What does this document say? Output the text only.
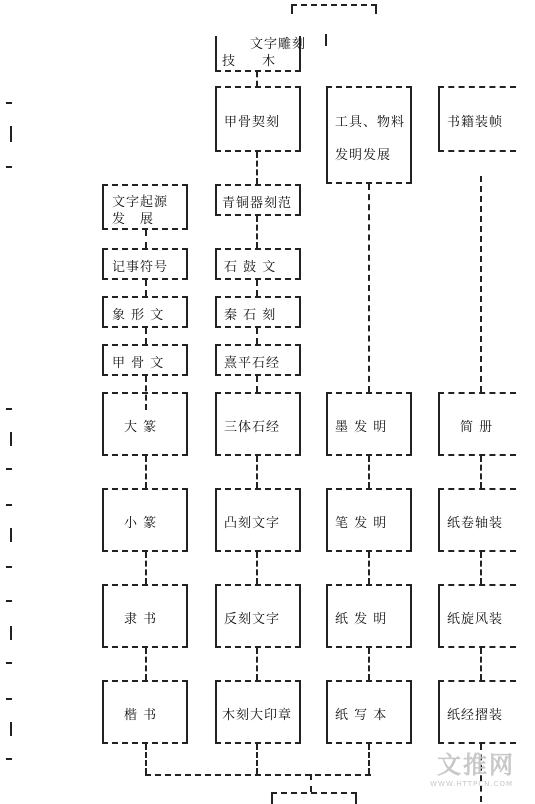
文字雕刻
技 木
文字起源
发　展
记事符号
象 形 文
甲 骨 文
大 篆
小 篆
隶 书
楷 书
甲骨契刻
青铜器刻范
石 鼓 文
秦 石 刻
熹平石经
三体石经
凸刻文字
反刻文字
木刻大印章
工具、物料
发明发展
墨 发 明
笔 发 明
纸 发 明
纸 写 本
书籍装帧
简 册
纸卷轴装
纸旋风装
纸经摺装
文推网
WWW.HTTPCN.COM
